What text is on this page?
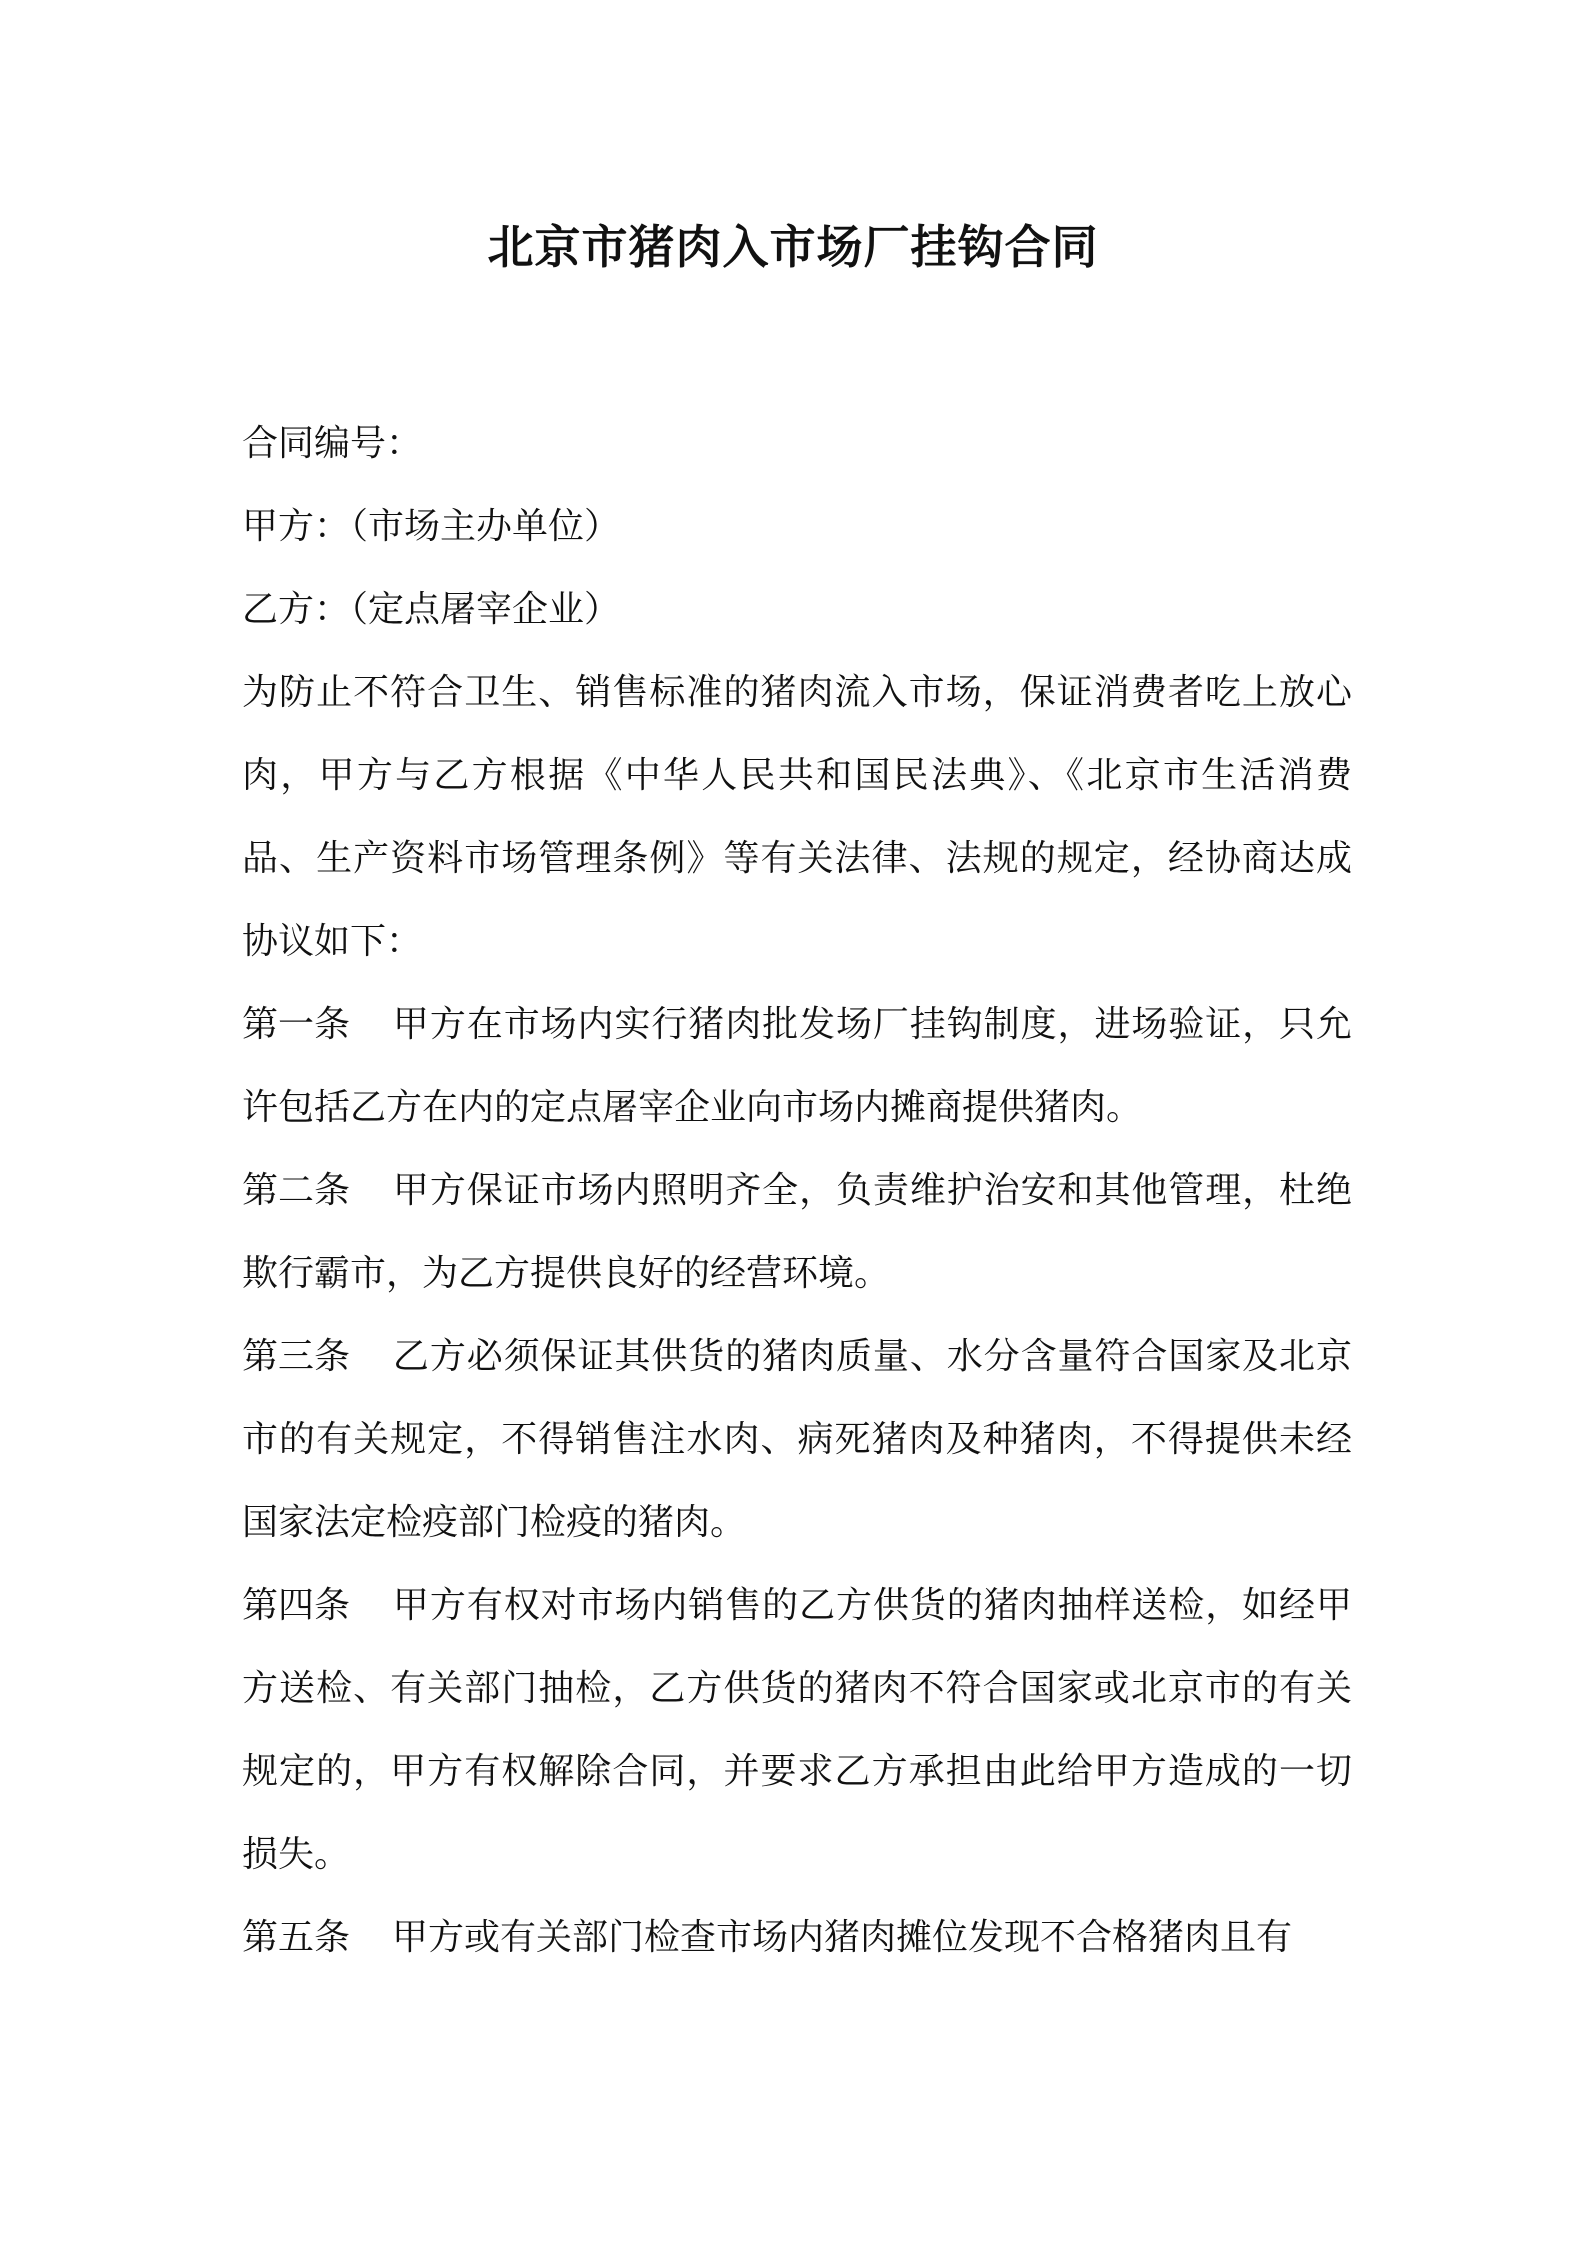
北京市猪肉入市场厂挂钩合同

合同编号：

甲方：（市场主办单位）

乙方：（定点屠宰企业）

为防止不符合卫生、销售标准的猪肉流入市场，保证消费者吃上放心肉，甲方与乙方根据《中华人民共和国民法典》、《北京市生活消费品、生产资料市场管理条例》等有关法律、法规的规定，经协商达成协议如下：

第一条 甲方在市场内实行猪肉批发场厂挂钩制度，进场验证，只允许包括乙方在内的定点屠宰企业向市场内摊商提供猪肉。

第二条 甲方保证市场内照明齐全，负责维护治安和其他管理，杜绝欺行霸市，为乙方提供良好的经营环境。

第三条 乙方必须保证其供货的猪肉质量、水分含量符合国家及北京市的有关规定，不得销售注水肉、病死猪肉及种猪肉，不得提供未经国家法定检疫部门检疫的猪肉。

第四条 甲方有权对市场内销售的乙方供货的猪肉抽样送检，如经甲方送检、有关部门抽检，乙方供货的猪肉不符合国家或北京市的有关规定的，甲方有权解除合同，并要求乙方承担由此给甲方造成的一切损失。

第五条 甲方或有关部门检查市场内猪肉摊位发现不合格猪肉且有
